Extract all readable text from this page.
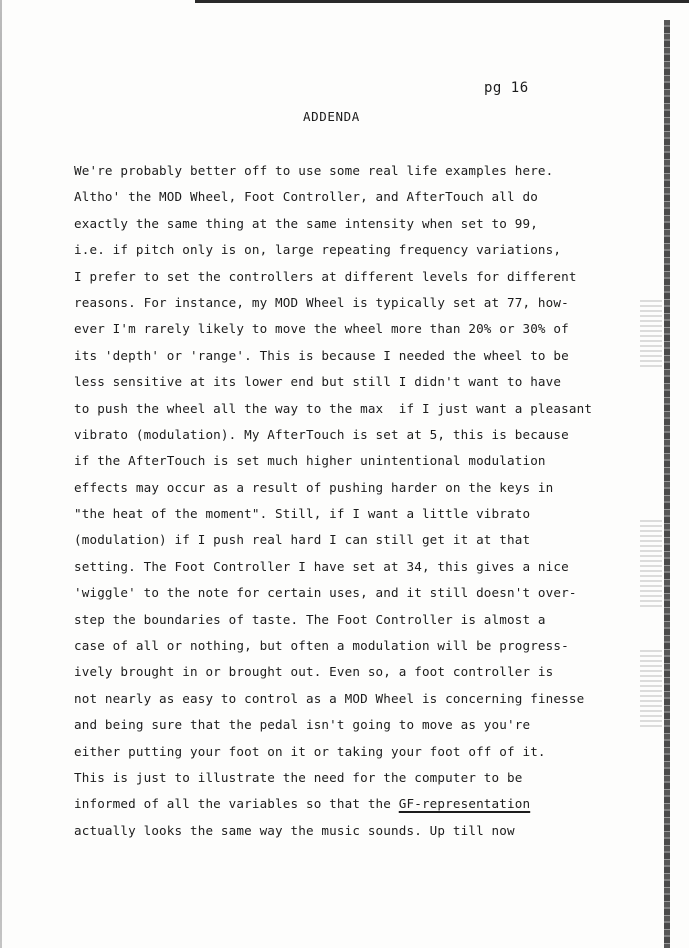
pg 16
ADDENDA
We're probably better off to use some real life examples here.
Altho' the MOD Wheel, Foot Controller, and AfterTouch all do
exactly the same thing at the same intensity when set to 99,
i.e. if pitch only is on, large repeating frequency variations,
I prefer to set the controllers at different levels for different
reasons. For instance, my MOD Wheel is typically set at 77, how-
ever I'm rarely likely to move the wheel more than 20% or 30% of
its 'depth' or 'range'. This is because I needed the wheel to be
less sensitive at its lower end but still I didn't want to have
to push the wheel all the way to the max  if I just want a pleasant
vibrato (modulation). My AfterTouch is set at 5, this is because
if the AfterTouch is set much higher unintentional modulation
effects may occur as a result of pushing harder on the keys in
"the heat of the moment". Still, if I want a little vibrato
(modulation) if I push real hard I can still get it at that
setting. The Foot Controller I have set at 34, this gives a nice
'wiggle' to the note for certain uses, and it still doesn't over-
step the boundaries of taste. The Foot Controller is almost a
case of all or nothing, but often a modulation will be progress-
ively brought in or brought out. Even so, a foot controller is
not nearly as easy to control as a MOD Wheel is concerning finesse
and being sure that the pedal isn't going to move as you're
either putting your foot on it or taking your foot off of it.
This is just to illustrate the need for the computer to be
informed of all the variables so that the GF-representation
actually looks the same way the music sounds. Up till now
